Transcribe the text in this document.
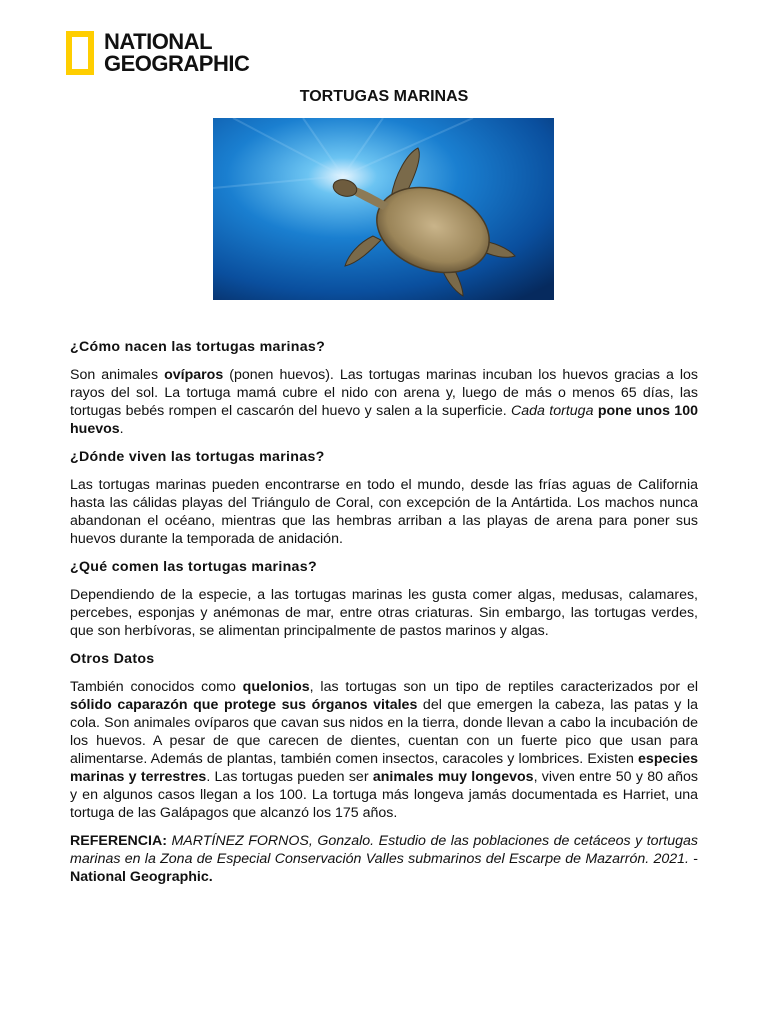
NATIONAL
GEOGRAPHIC
TORTUGAS MARINAS
¿Cómo nacen las tortugas marinas?

Son animales ovíparos (ponen huevos). Las tortugas marinas incuban los huevos gracias a los rayos del sol. La tortuga mamá cubre el nido con arena y, luego de más o menos 65 días, las tortugas bebés rompen el cascarón del huevo y salen a la superficie. Cada tortuga pone unos 100 huevos.

¿Dónde viven las tortugas marinas?

Las tortugas marinas pueden encontrarse en todo el mundo, desde las frías aguas de California hasta las cálidas playas del Triángulo de Coral, con excepción de la Antártida. Los machos nunca abandonan el océano, mientras que las hembras arriban a las playas de arena para poner sus huevos durante la temporada de anidación.

¿Qué comen las tortugas marinas?

Dependiendo de la especie, a las tortugas marinas les gusta comer algas, medusas, calamares, percebes, esponjas y anémonas de mar, entre otras criaturas. Sin embargo, las tortugas verdes, que son herbívoras, se alimentan principalmente de pastos marinos y algas.

Otros Datos

También conocidos como quelonios, las tortugas son un tipo de reptiles caracterizados por el sólido caparazón que protege sus órganos vitales del que emergen la cabeza, las patas y la cola. Son animales ovíparos que cavan sus nidos en la tierra, donde llevan a cabo la incubación de los huevos. A pesar de que carecen de dientes, cuentan con un fuerte pico que usan para alimentarse. Además de plantas, también comen insectos, caracoles y lombrices. Existen especies marinas y terrestres. Las tortugas pueden ser animales muy longevos, viven entre 50 y 80 años y en algunos casos llegan a los 100. La tortuga más longeva jamás documentada es Harriet, una tortuga de las Galápagos que alcanzó los 175 años.

REFERENCIA: MARTÍNEZ FORNOS, Gonzalo. Estudio de las poblaciones de cetáceos y tortugas marinas en la Zona de Especial Conservación Valles submarinos del Escarpe de Mazarrón. 2021. - National Geographic.
